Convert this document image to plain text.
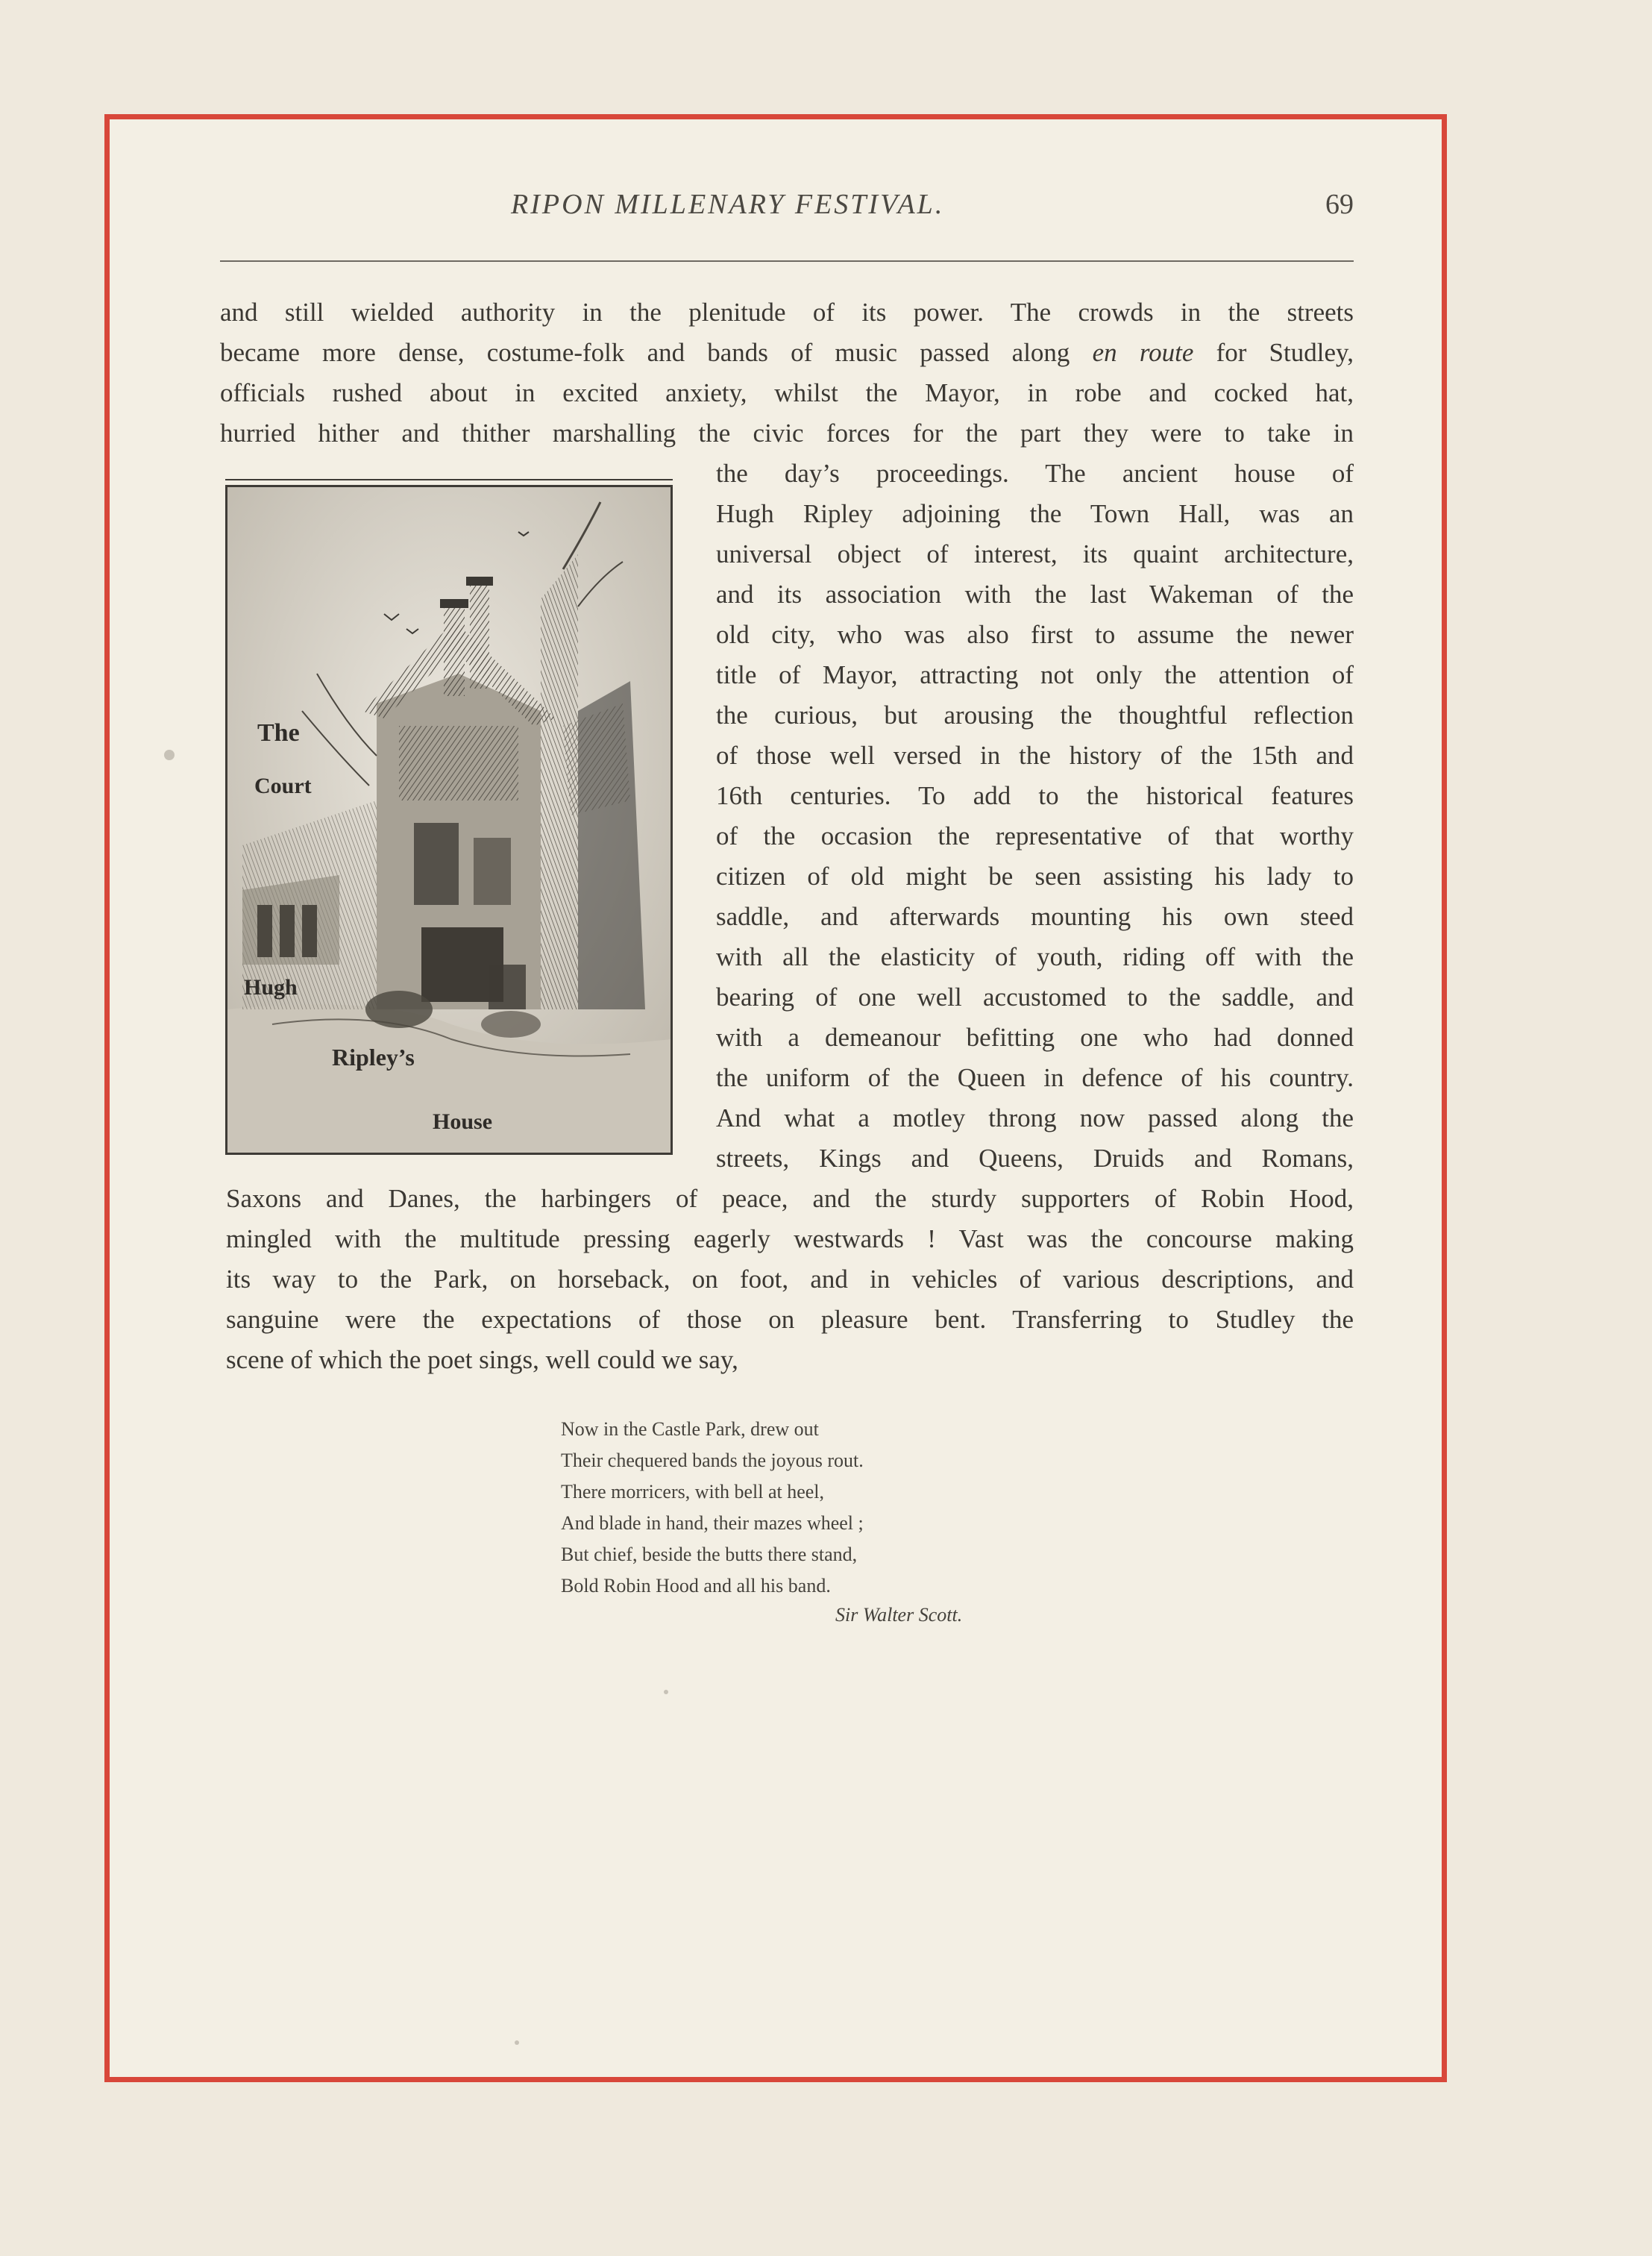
RIPON MILLENARY FESTIVAL.	69
and still wielded authority in the plenitude of its power. The crowds in the streets
became more dense, costume-folk and bands of music passed along en route for Studley,
officials rushed about in excited anxiety, whilst the Mayor, in robe and cocked hat,
hurried hither and thither marshalling the civic forces for the part they were to take in
the day’s proceedings. The ancient house of
Hugh Ripley adjoining the Town Hall, was an
universal object of interest, its quaint architecture,
and its association with the last Wakeman of the
old city, who was also first to assume the newer
title of Mayor, attracting not only the attention of
the curious, but arousing the thoughtful reflection
of those well versed in the history of the 15th and
16th centuries. To add to the historical features
of the occasion the representative of that worthy
citizen of old might be seen assisting his lady to
saddle, and afterwards mounting his own steed
with all the elasticity of youth, riding off with the
bearing of one well accustomed to the saddle, and
with a demeanour befitting one who had donned
the uniform of the Queen in defence of his country.
And what a motley throng now passed along the
streets, Kings and Queens, Druids and Romans,
Saxons and Danes, the harbingers of peace, and the sturdy supporters of Robin Hood,
mingled with the multitude pressing eagerly westwards ! Vast was the concourse making
its way to the Park, on horseback, on foot, and in vehicles of various descriptions, and
sanguine were the expectations of those on pleasure bent. Transferring to Studley the
scene of which the poet sings, well could we say,
The
Court
Hugh
Ripley’s
House
Now in the Castle Park, drew out
Their chequered bands the joyous rout.
There morricers, with bell at heel,
And blade in hand, their mazes wheel ;
But chief, beside the butts there stand,
Bold Robin Hood and all his band.
Sir Walter Scott.
